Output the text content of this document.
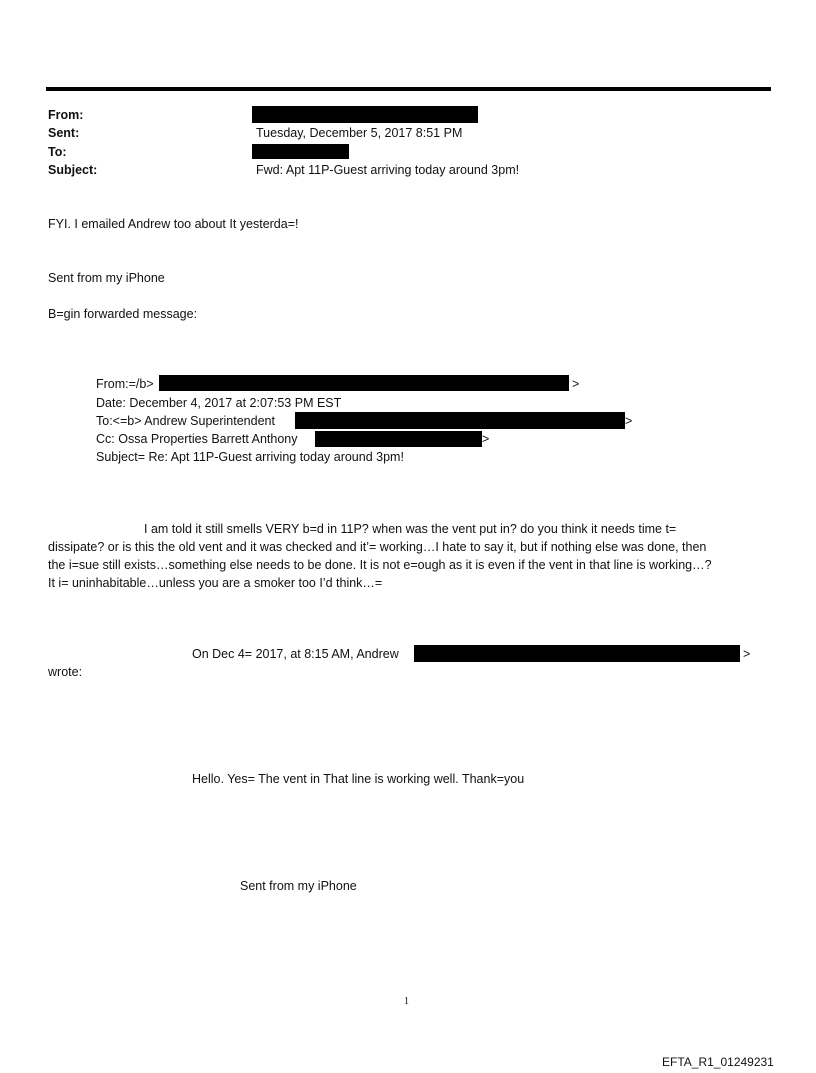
From:
Sent:	Tuesday, December 5, 2017 8:51 PM
To:
Subject:	Fwd: Apt 11P-Guest arriving today around 3pm!
FYI. I emailed Andrew too about It yesterda=!
Sent from my iPhone
B=gin forwarded message:
From:=/b>	>
Date: December 4, 2017 at 2:07:53 PM EST
To:<=b> Andrew Superintendent	>
Cc: Ossa Properties Barrett Anthony	>
Subject= Re: Apt 11P-Guest arriving today around 3pm!
I am told it still smells VERY b=d in 11P? when was the vent put in? do you think it needs time t=
dissipate? or is this the old vent and it was checked and it’= working…I hate to say it, but if nothing else was done, then
the i=sue still exists…something else needs to be done. It is not e=ough as it is even if the vent in that line is working…?
It i= uninhabitable…unless you are a smoker too I’d think…=
On Dec 4= 2017, at 8:15 AM, Andrew	>
wrote:
Hello. Yes= The vent in That line is working well. Thank=you
Sent from my iPhone
1
EFTA_R1_01249231
